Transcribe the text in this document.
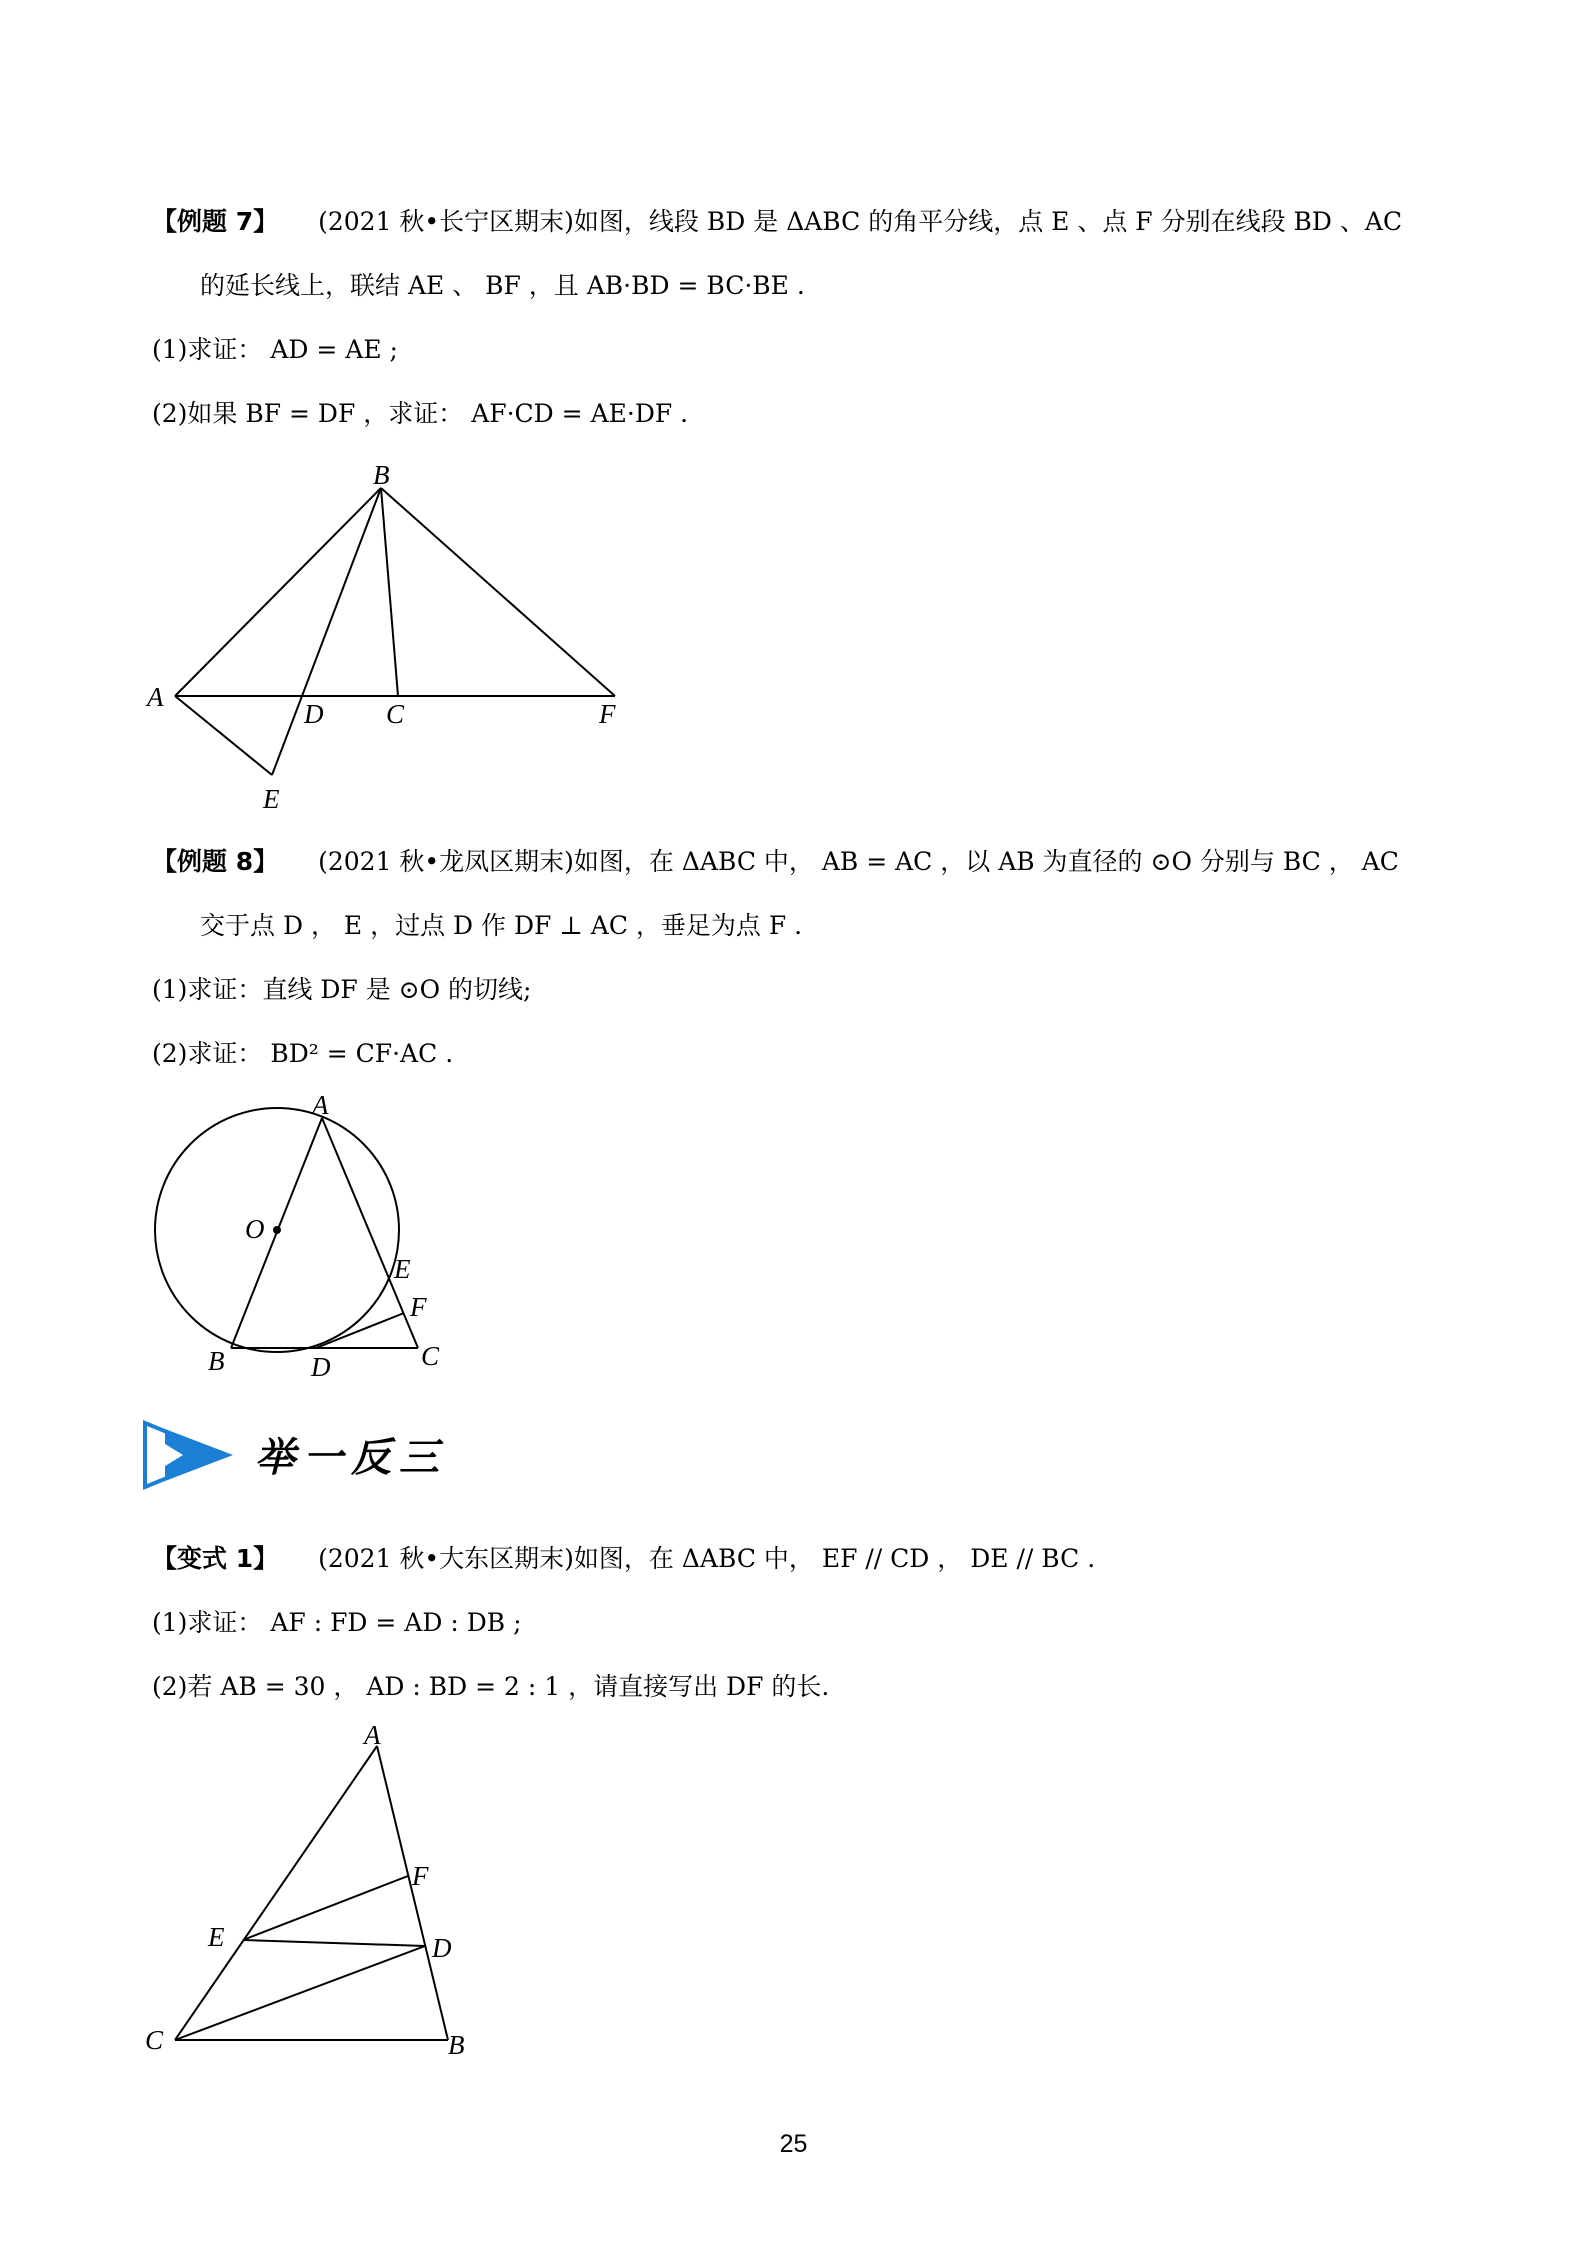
【例题 7】 (2021 秋•长宁区期末)如图，线段 BD 是 ΔABC 的角平分线，点 E 、点 F 分别在线段 BD 、AC
的延长线上，联结 AE 、 BF ，且 AB·BD = BC·BE .
(1)求证： AD = AE ;
(2)如果 BF = DF ，求证： AF·CD = AE·DF .
B
A
D C	F
E
【例题 8】 (2021 秋•龙凤区期末)如图，在 ΔABC 中， AB = AC ，以 AB 为直径的 ⊙O 分别与 BC ， AC
交于点 D ， E ，过点 D 作 DF ⊥ AC ，垂足为点 F .
(1)求证：直线 DF 是 ⊙O 的切线;
(2)求证： BD² = CF·AC .
A
O
E
F
B	D	C
举一反三
【变式 1】 (2021 秋•大东区期末)如图，在 ΔABC 中， EF // CD ， DE // BC .
(1)求证： AF : FD = AD : DB ;
(2)若 AB = 30 ， AD : BD = 2 : 1 ，请直接写出 DF 的长.
A
F
E	D
C	B
25
